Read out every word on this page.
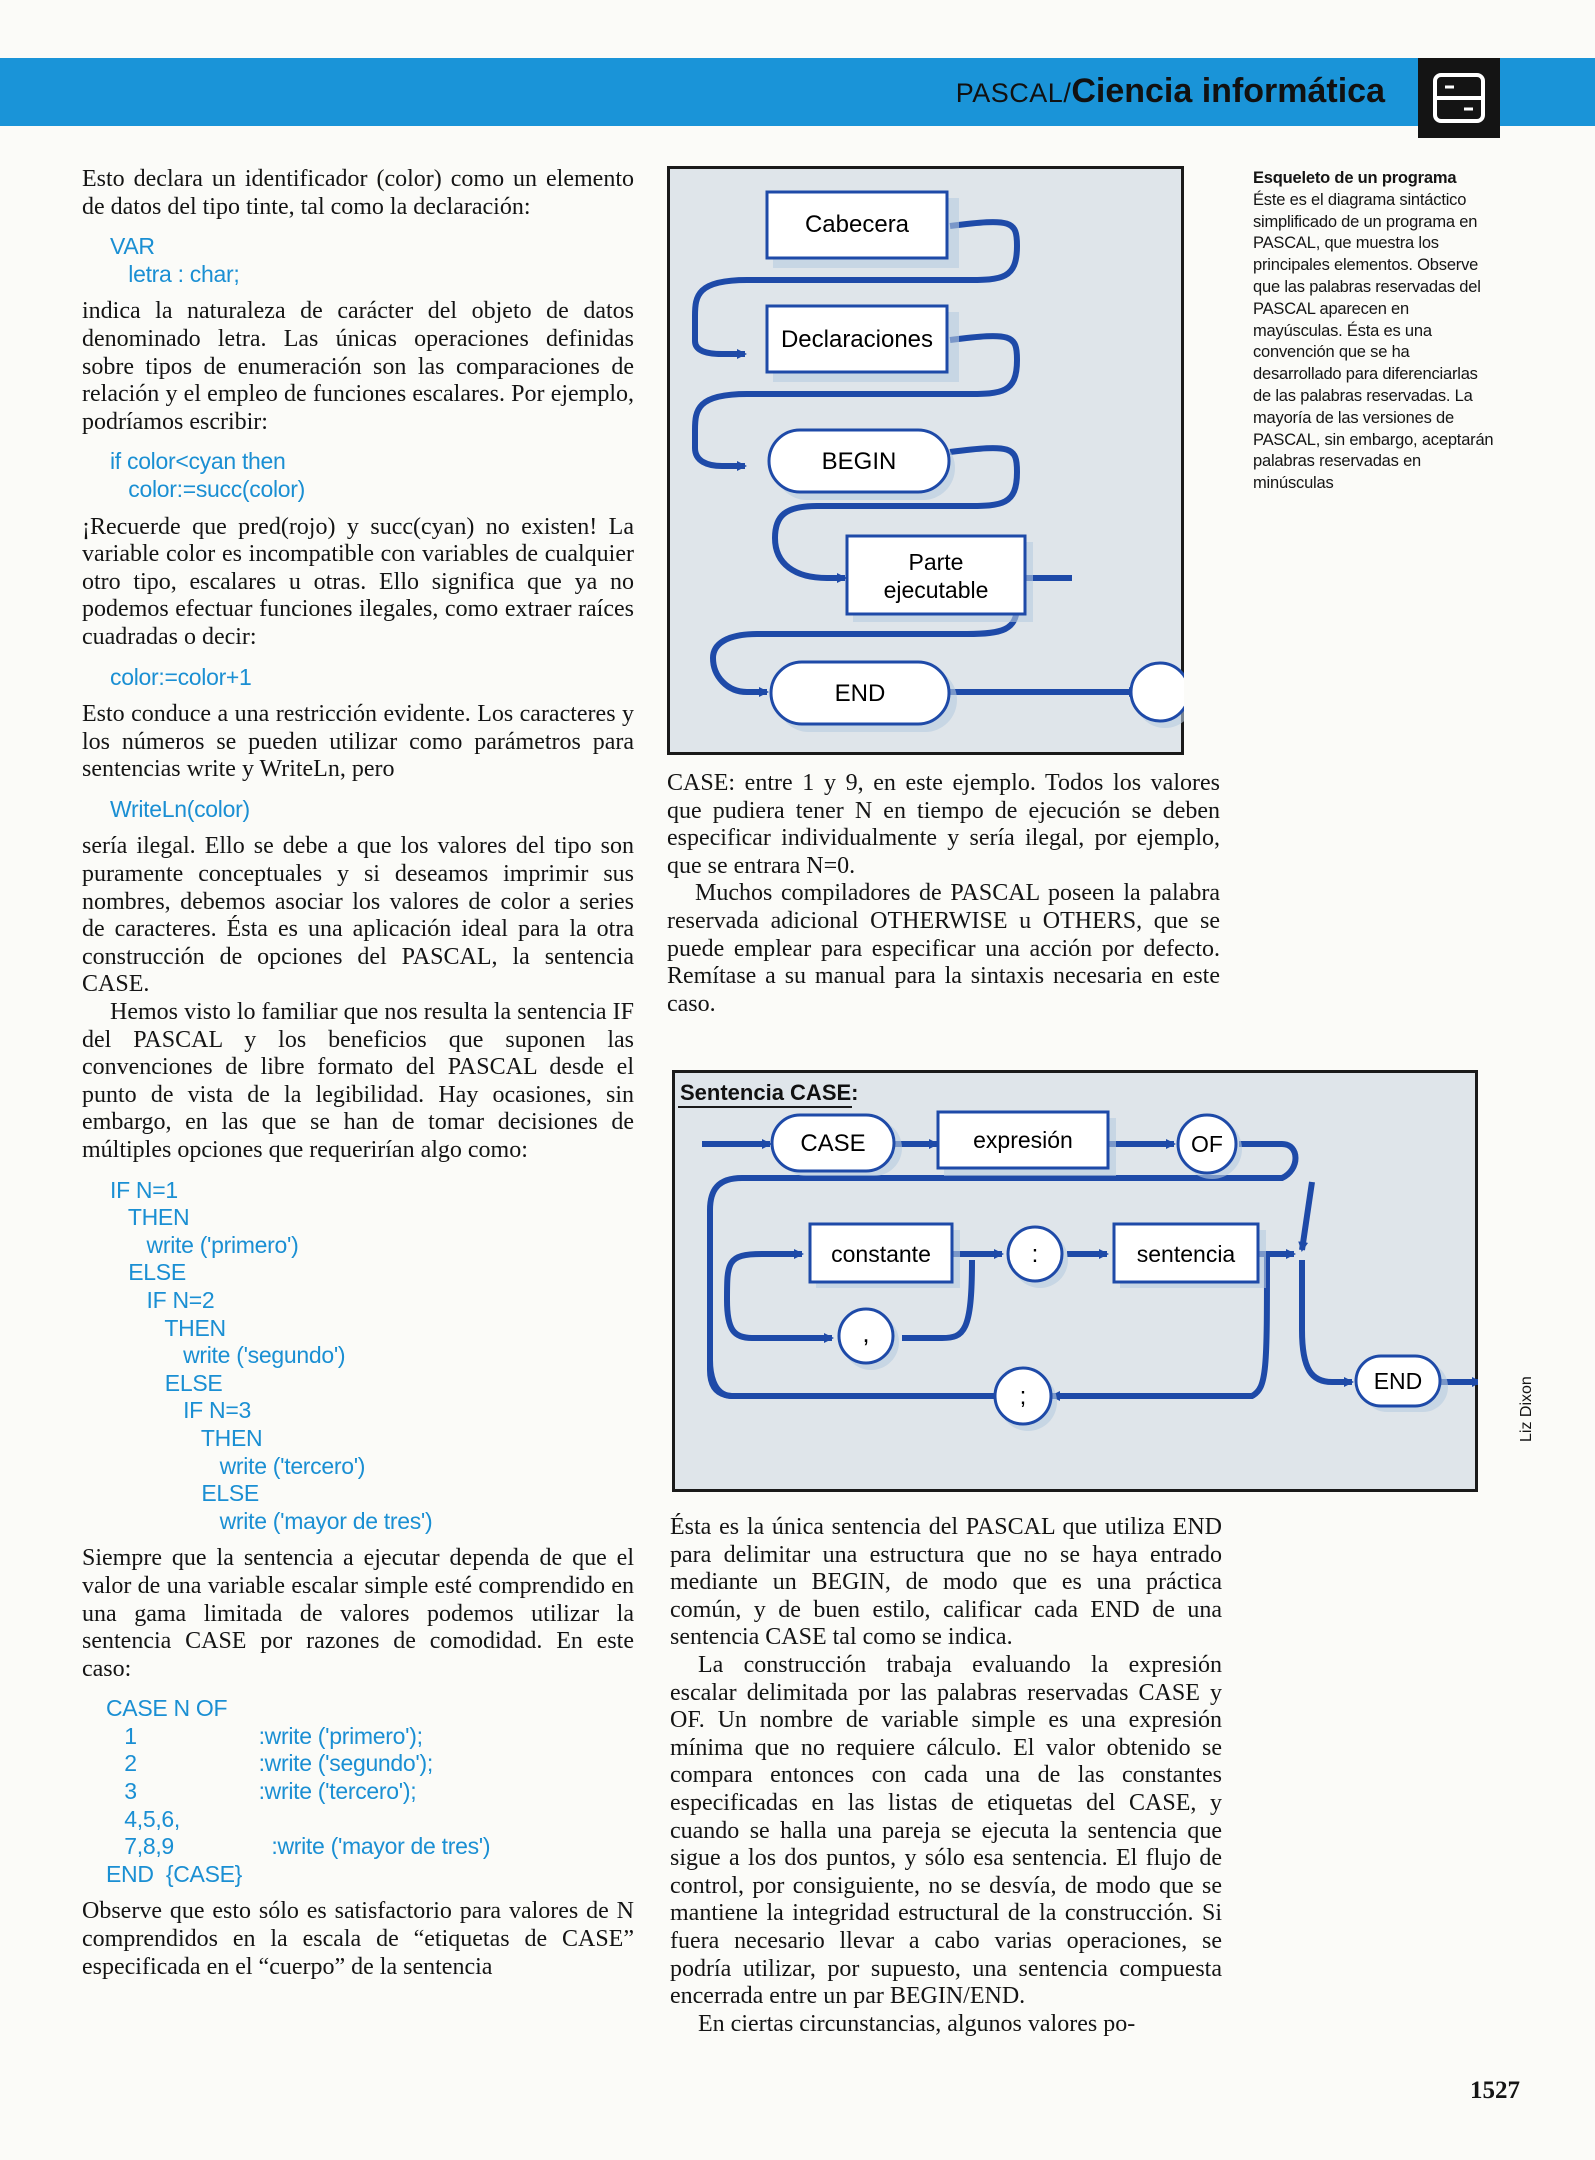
PASCAL/Ciencia informática

Esto declara un identificador (color) como un elemento de datos del tipo tinte, tal como la declaración:

VAR
letra : char;

indica la naturaleza de carácter del objeto de datos denominado letra. Las únicas operaciones definidas sobre tipos de enumeración son las comparaciones de relación y el empleo de funciones escalares. Por ejemplo, podríamos escribir:

if color<cyan then
color:=succ(color)

¡Recuerde que pred(rojo) y succ(cyan) no existen! La variable color es incompatible con variables de cualquier otro tipo, escalares u otras. Ello significa que ya no podemos efectuar funciones ilegales, como extraer raíces cuadradas o decir:

color:=color+1

Esto conduce a una restricción evidente. Los caracteres y los números se pueden utilizar como parámetros para sentencias write y WriteLn, pero

WriteLn(color)

sería ilegal. Ello se debe a que los valores del tipo son puramente conceptuales y si deseamos imprimir sus nombres, debemos asociar los valores de color a series de caracteres. Ésta es una aplicación ideal para la otra construcción de opciones del PASCAL, la sentencia CASE.

Hemos visto lo familiar que nos resulta la sentencia IF del PASCAL y los beneficios que suponen las convenciones de libre formato del PASCAL desde el punto de vista de la legibilidad. Hay ocasiones, sin embargo, en las que se han de tomar decisiones de múltiples opciones que requerirían algo como:

IF N=1
THEN
write ('primero')
ELSE
IF N=2
THEN
write ('segundo')
ELSE
IF N=3
THEN
write ('tercero')
ELSE
write ('mayor de tres')

Siempre que la sentencia a ejecutar dependa de que el valor de una variable escalar simple esté comprendido en una gama limitada de valores podemos utilizar la sentencia CASE por razones de comodidad. En este caso:

CASE N OF
1                    :write ('primero');
2                    :write ('segundo');
3                    :write ('tercero');
4,5,6,
7,8,9                :write ('mayor de tres')
END  {CASE}

Observe que esto sólo es satisfactorio para valores de N comprendidos en la escala de “etiquetas de CASE” especificada en el “cuerpo” de la sentencia

Cabecera
Declaraciones
BEGIN
Parte
ejecutable
END
Esqueleto de un programa
Éste es el diagrama sintáctico simplificado de un programa en PASCAL, que muestra los principales elementos. Observe que las palabras reservadas del PASCAL aparecen en mayúsculas. Ésta es una convención que se ha desarrollado para diferenciarlas de las palabras reservadas. La mayoría de las versiones de PASCAL, sin embargo, aceptarán palabras reservadas en minúsculas

CASE: entre 1 y 9, en este ejemplo. Todos los valores que pudiera tener N en tiempo de ejecución se deben especificar individualmente y sería ilegal, por ejemplo, que se entrara N=0.

Muchos compiladores de PASCAL poseen la palabra reservada adicional OTHERWISE u OTHERS, que se puede emplear para especificar una acción por defecto. Remítase a su manual para la sintaxis necesaria en este caso.

Sentencia CASE:
CASE	expresión	OF
constante	:	sentencia
,
;
END	Liz Dixon

Ésta es la única sentencia del PASCAL que utiliza END para delimitar una estructura que no se haya entrado mediante un BEGIN, de modo que es una práctica común, y de buen estilo, calificar cada END de una sentencia CASE tal como se indica.

La construcción trabaja evaluando la expresión escalar delimitada por las palabras reservadas CASE y OF. Un nombre de variable simple es una expresión mínima que no requiere cálculo. El valor obtenido se compara entonces con cada una de las constantes especificadas en las listas de etiquetas del CASE, y cuando se halla una pareja se ejecuta la sentencia que sigue a los dos puntos, y sólo esa sentencia. El flujo de control, por consiguiente, no se desvía, de modo que se mantiene la integridad estructural de la construcción. Si fuera necesario llevar a cabo varias operaciones, se podría utilizar, por supuesto, una sentencia compuesta encerrada entre un par BEGIN/END.

En ciertas circunstancias, algunos valores po-

1527
